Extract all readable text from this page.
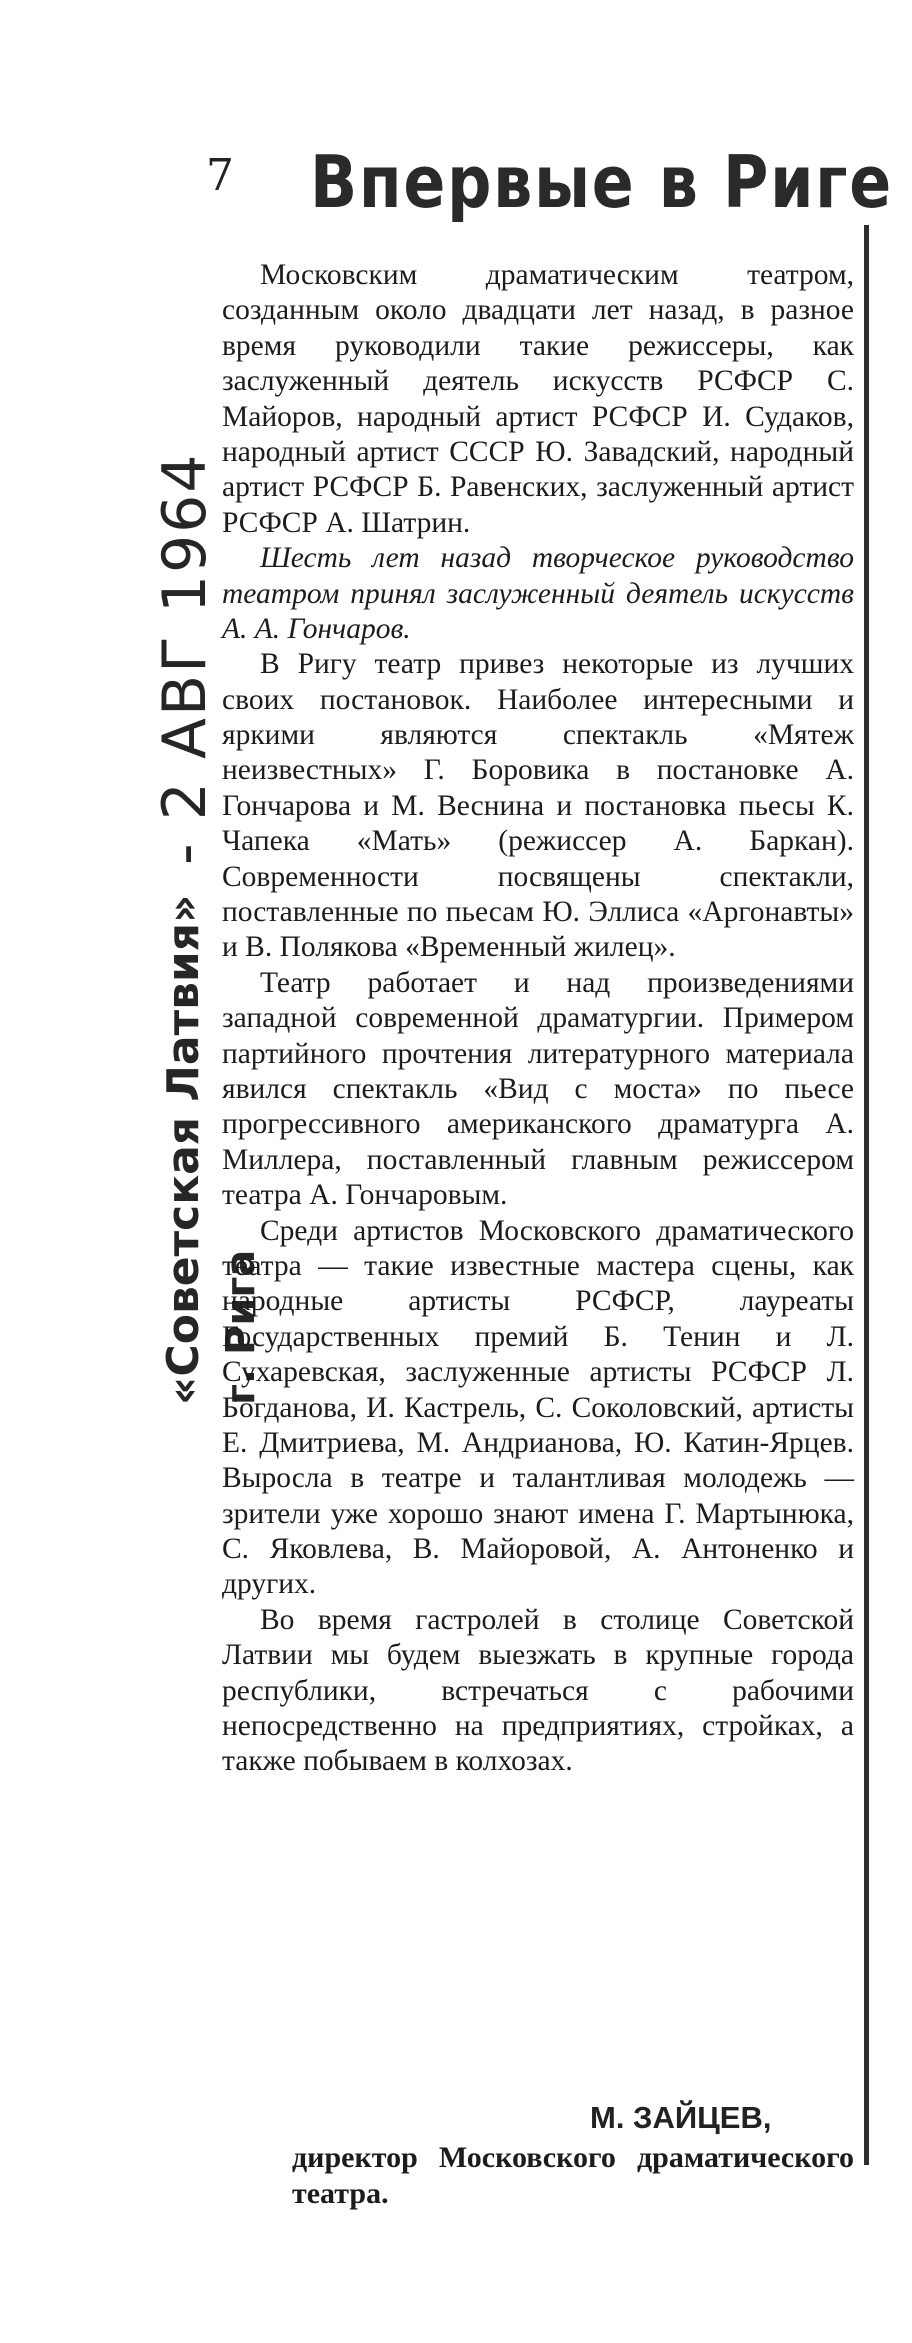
7 Впервые в Риге
«Советская Латвия»
- 2 АВГ 1964
г. Рига

Московским драматическим театром, созданным около двадцати лет назад, в разное время руководили такие режиссеры, как заслуженный деятель искусств РСФСР С. Майоров, народный артист РСФСР И. Судаков, народный артист СССР Ю. Завадский, народный артист РСФСР Б. Равенских, заслуженный артист РСФСР А. Шатрин.

Шесть лет назад творческое руководство театром принял заслуженный деятель искусств А. А. Гончаров.

В Ригу театр привез некоторые из лучших своих постановок. Наиболее интересными и яркими являются спектакль «Мятеж неизвестных» Г. Боровика в постановке А. Гончарова и М. Веснина и постановка пьесы К. Чапека «Мать» (режиссер А. Баркан). Современности посвящены спектакли, поставленные по пьесам Ю. Эллиса «Аргонавты» и В. Полякова «Временный жилец».

Театр работает и над произведениями западной современной драматургии. Примером партийного прочтения литературного материала явился спектакль «Вид с моста» по пьесе прогрессивного американского драматурга А. Миллера, поставленный главным режиссером театра А. Гончаровым.

Среди артистов Московского драматического театра — такие известные мастера сцены, как народные артисты РСФСР, лауреаты Государственных премий Б. Тенин и Л. Сухаревская, заслуженные артисты РСФСР Л. Богданова, И. Кастрель, С. Соколовский, артисты Е. Дмитриева, М. Андрианова, Ю. Катин-Ярцев. Выросла в театре и талантливая молодежь — зрители уже хорошо знают имена Г. Мартынюка, С. Яковлева, В. Майоровой, А. Антоненко и других.

Во время гастролей в столице Советской Латвии мы будем выезжать в крупные города республики, встречаться с рабочими непосредственно на предприятиях, стройках, а также побываем в колхозах.

М. ЗАЙЦЕВ,
директор Московского драматического театра.
